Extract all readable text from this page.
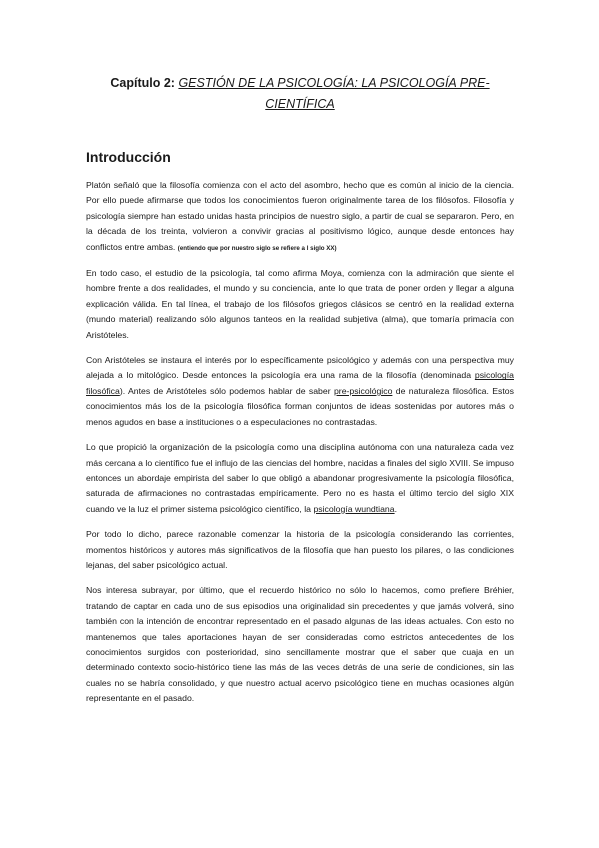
Capítulo 2: GESTIÓN DE LA PSICOLOGÍA: LA PSICOLOGÍA PRE-CIENTÍFICA
Introducción

Platón señaló que la filosofía comienza con el acto del asombro, hecho que es común al inicio de la ciencia. Por ello puede afirmarse que todos los conocimientos fueron originalmente tarea de los filósofos. Filosofía y psicología siempre han estado unidas hasta principios de nuestro siglo, a partir de cual se separaron. Pero, en la década de los treinta, volvieron a convivir gracias al positivismo lógico, aunque desde entonces hay conflictos entre ambas. (entiendo que por nuestro siglo se refiere a l siglo XX)

En todo caso, el estudio de la psicología, tal como afirma Moya, comienza con la admiración que siente el hombre frente a dos realidades, el mundo y su conciencia, ante lo que trata de poner orden y llegar a alguna explicación válida. En tal línea, el trabajo de los filósofos griegos clásicos se centró en la realidad externa (mundo material) realizando sólo algunos tanteos en la realidad subjetiva (alma), que tomaría primacía con Aristóteles.

Con Aristóteles se instaura el interés por lo específicamente psicológico y además con una perspectiva muy alejada a lo mitológico. Desde entonces la psicología era una rama de la filosofía (denominada psicología filosófica). Antes de Aristóteles sólo podemos hablar de saber pre-psicológico de naturaleza filosófica. Estos conocimientos más los de la psicología filosófica forman conjuntos de ideas sostenidas por autores más o menos agudos en base a instituciones o a especulaciones no contrastadas.

Lo que propició la organización de la psicología como una disciplina autónoma con una naturaleza cada vez más cercana a lo científico fue el influjo de las ciencias del hombre, nacidas a finales del siglo XVIII. Se impuso entonces un abordaje empirista del saber lo que obligó a abandonar progresivamente la psicología filosófica, saturada de afirmaciones no contrastadas empíricamente. Pero no es hasta el último tercio del siglo XIX cuando ve la luz el primer sistema psicológico científico, la psicología wundtiana.

Por todo lo dicho, parece razonable comenzar la historia de la psicología considerando las corrientes, momentos históricos y autores más significativos de la filosofía que han puesto los pilares, o las condiciones lejanas, del saber psicológico actual.

Nos interesa subrayar, por último, que el recuerdo histórico no sólo lo hacemos, como prefiere Bréhier, tratando de captar en cada uno de sus episodios una originalidad sin precedentes y que jamás volverá, sino también con la intención de encontrar representado en el pasado algunas de las ideas actuales. Con esto no mantenemos que tales aportaciones hayan de ser consideradas como estrictos antecedentes de los conocimientos surgidos con posterioridad, sino sencillamente mostrar que el saber que cuaja en un determinado contexto socio-histórico tiene las más de las veces detrás de una serie de condiciones, sin las cuales no se habría consolidado, y que nuestro actual acervo psicológico tiene en muchas ocasiones algún representante en el pasado.
